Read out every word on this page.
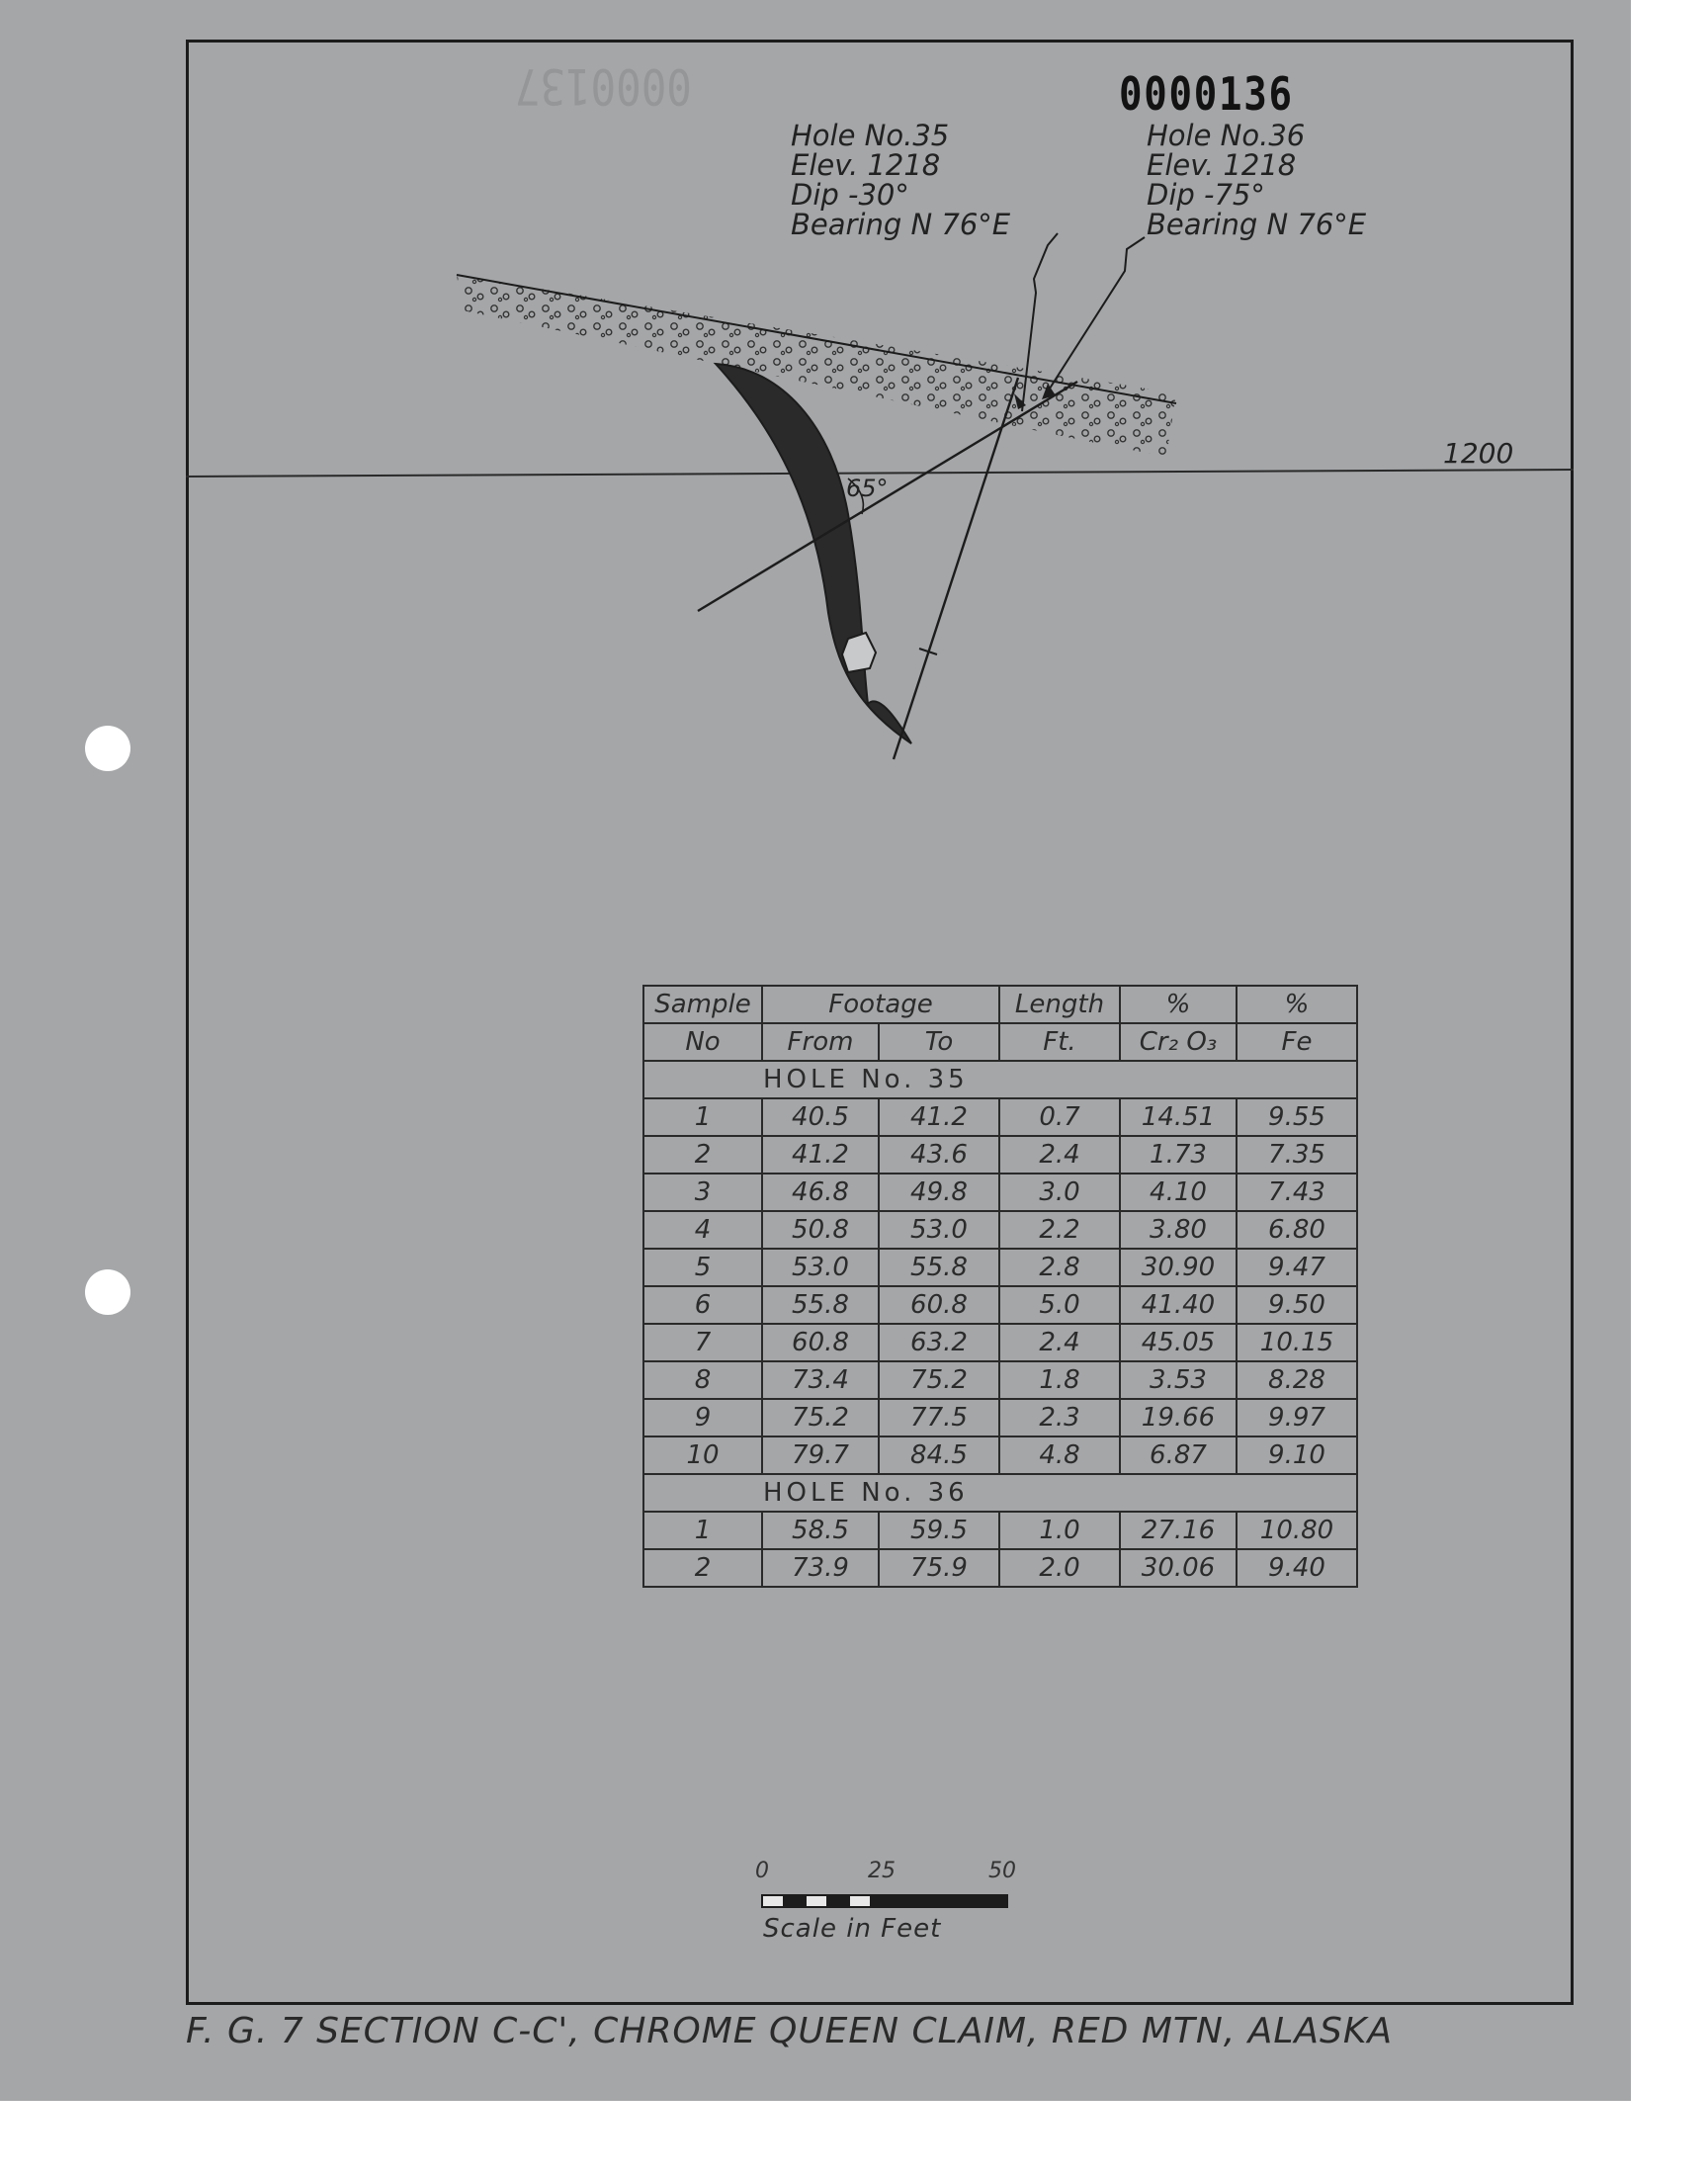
0000137	0000136
Hole No.35
Elev. 1218
Dip -30°
Bearing N 76°E
Hole No.36
Elev. 1218
Dip -75°
Bearing N 76°E
1200
65°
Sample	Footage		Length	%	%
No	From	To	Ft.	Cr₂ O₃	Fe
HOLE No. 35					
1	40.5	41.2	0.7	14.51	9.55
2	41.2	43.6	2.4	1.73	7.35
3	46.8	49.8	3.0	4.10	7.43
4	50.8	53.0	2.2	3.80	6.80
5	53.0	55.8	2.8	30.90	9.47
6	55.8	60.8	5.0	41.40	9.50
7	60.8	63.2	2.4	45.05	10.15
8	73.4	75.2	1.8	3.53	8.28
9	75.2	77.5	2.3	19.66	9.97
10	79.7	84.5	4.8	6.87	9.10
HOLE No. 36					
1	58.5	59.5	1.0	27.16	10.80
2	73.9	75.9	2.0	30.06	9.40
0	25	50
Scale in Feet
F. G. 7 SECTION C-C', CHROME QUEEN CLAIM, RED MTN, ALASKA
